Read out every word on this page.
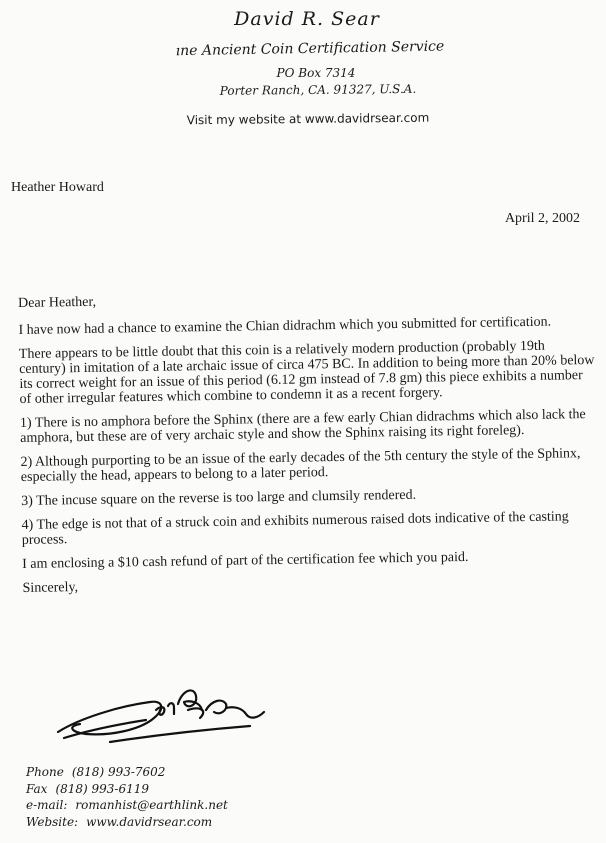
David R. Sear
ıne Ancient Coin Certification Service
PO Box 7314
Porter Ranch, CA. 91327, U.S.A.
Visit my website at www.davidrsear.com
Heather Howard
April 2, 2002

Dear Heather,

I have now had a chance to examine the Chian didrachm which you submitted for certification.

There appears to be little doubt that this coin is a relatively modern production (probably 19th century) in imitation of a late archaic issue of circa 475 BC. In addition to being more than 20% below its correct weight for an issue of this period (6.12 gm instead of 7.8 gm) this piece exhibits a number of other irregular features which combine to condemn it as a recent forgery.

1) There is no amphora before the Sphinx (there are a few early Chian didrachms which also lack the amphora, but these are of very archaic style and show the Sphinx raising its right foreleg).

2) Although purporting to be an issue of the early decades of the 5th century the style of the Sphinx, especially the head, appears to belong to a later period.

3) The incuse square on the reverse is too large and clumsily rendered.

4) The edge is not that of a struck coin and exhibits numerous raised dots indicative of the casting process.

I am enclosing a $10 cash refund of part of the certification fee which you paid.

Sincerely,

Phone (818) 993-7602
Fax (818) 993-6119
e-mail: romanhist@earthlink.net
Website: www.davidrsear.com
